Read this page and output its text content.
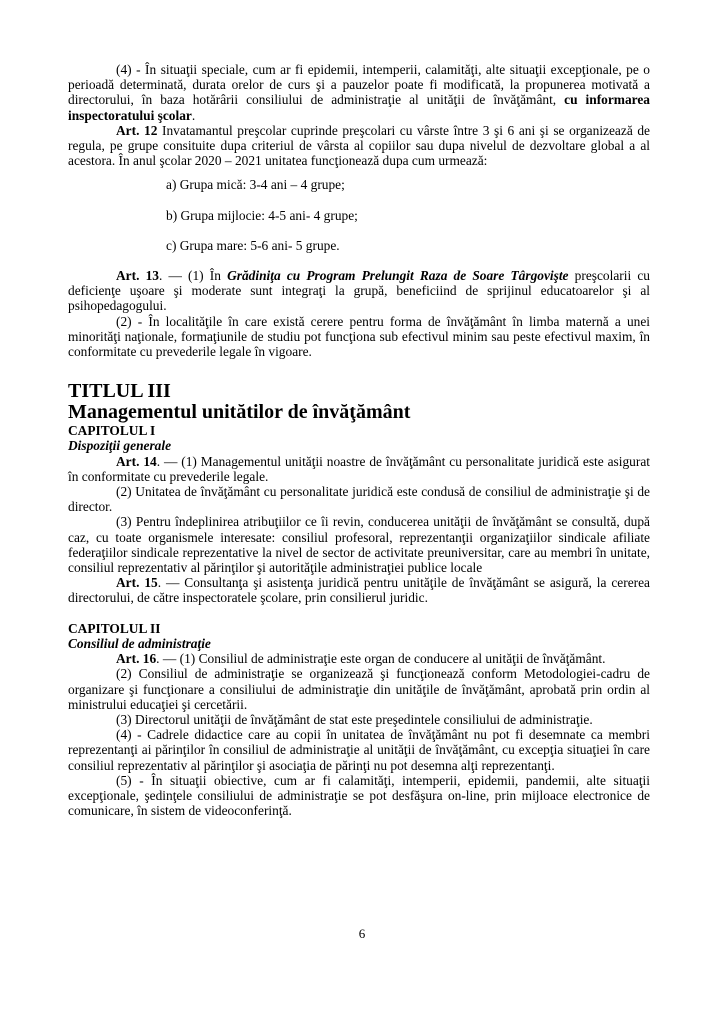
(4) - În situaţii speciale, cum ar fi epidemii, intemperii, calamităţi, alte situaţii excepţionale, pe o perioadă determinată, durata orelor de curs şi a pauzelor poate fi modificată, la propunerea motivată a directorului, în baza hotărârii consiliului de administraţie al unităţii de învăţământ, cu informarea inspectoratului şcolar.

Art. 12 Invatamantul preşcolar cuprinde preşcolari cu vârste între 3 şi 6 ani şi se organizează de regula, pe grupe consituite dupa criteriul de vârsta al copiilor sau dupa nivelul de dezvoltare global a al acestora. În anul şcolar 2020 – 2021 unitatea funcţionează dupa cum urmează:

a) Grupa mică: 3-4 ani – 4 grupe;

b) Grupa mijlocie: 4-5 ani- 4 grupe;

c) Grupa mare: 5-6 ani- 5 grupe.

Art. 13. — (1) În Grădiniţa cu Program Prelungit Raza de Soare Târgovişte preşcolarii cu deficienţe uşoare şi moderate sunt integraţi la grupă, beneficiind de sprijinul educatoarelor şi al psihopedagogului.

(2) - În localităţile în care există cerere pentru forma de învăţământ în limba maternă a unei minorităţi naţionale, formaţiunile de studiu pot funcţiona sub efectivul minim sau peste efectivul maxim, în conformitate cu prevederile legale în vigoare.

TITLUL III
Managementul unitătilor de învăţământ
CAPITOLUL I
Dispoziţii generale

Art. 14. — (1) Managementul unităţii noastre de învăţământ cu personalitate juridică este asigurat în conformitate cu prevederile legale.

(2) Unitatea de învăţământ cu personalitate juridică este condusă de consiliul de administraţie şi de director.

(3) Pentru îndeplinirea atribuţiilor ce îi revin, conducerea unităţii de învăţământ se consultă, după caz, cu toate organismele interesate: consiliul profesoral, reprezentanţii organizaţiilor sindicale afiliate federaţiilor sindicale reprezentative la nivel de sector de activitate preuniversitar, care au membri în unitate, consiliul reprezentativ al părinţilor şi autorităţile administraţiei publice locale

Art. 15. — Consultanţa şi asistenţa juridică pentru unităţile de învăţământ se asigură, la cererea directorului, de către inspectoratele şcolare, prin consilierul juridic.

CAPITOLUL II
Consiliul de administraţie

Art. 16. — (1) Consiliul de administraţie este organ de conducere al unităţii de învăţământ.

(2) Consiliul de administraţie se organizează şi funcţionează conform Metodologiei-cadru de organizare şi funcţionare a consiliului de administraţie din unităţile de învăţământ, aprobată prin ordin al ministrului educaţiei şi cercetării.

(3) Directorul unităţii de învăţământ de stat este preşedintele consiliului de administraţie.

(4) - Cadrele didactice care au copii în unitatea de învăţământ nu pot fi desemnate ca membri reprezentanţi ai părinţilor în consiliul de administraţie al unităţii de învăţământ, cu excepţia situaţiei în care consiliul reprezentativ al părinţilor şi asociaţia de părinţi nu pot desemna alţi reprezentanţi.

(5) - În situaţii obiective, cum ar fi calamităţi, intemperii, epidemii, pandemii, alte situaţii excepţionale, şedinţele consiliului de administraţie se pot desfăşura on-line, prin mijloace electronice de comunicare, în sistem de videoconferinţă.

6
